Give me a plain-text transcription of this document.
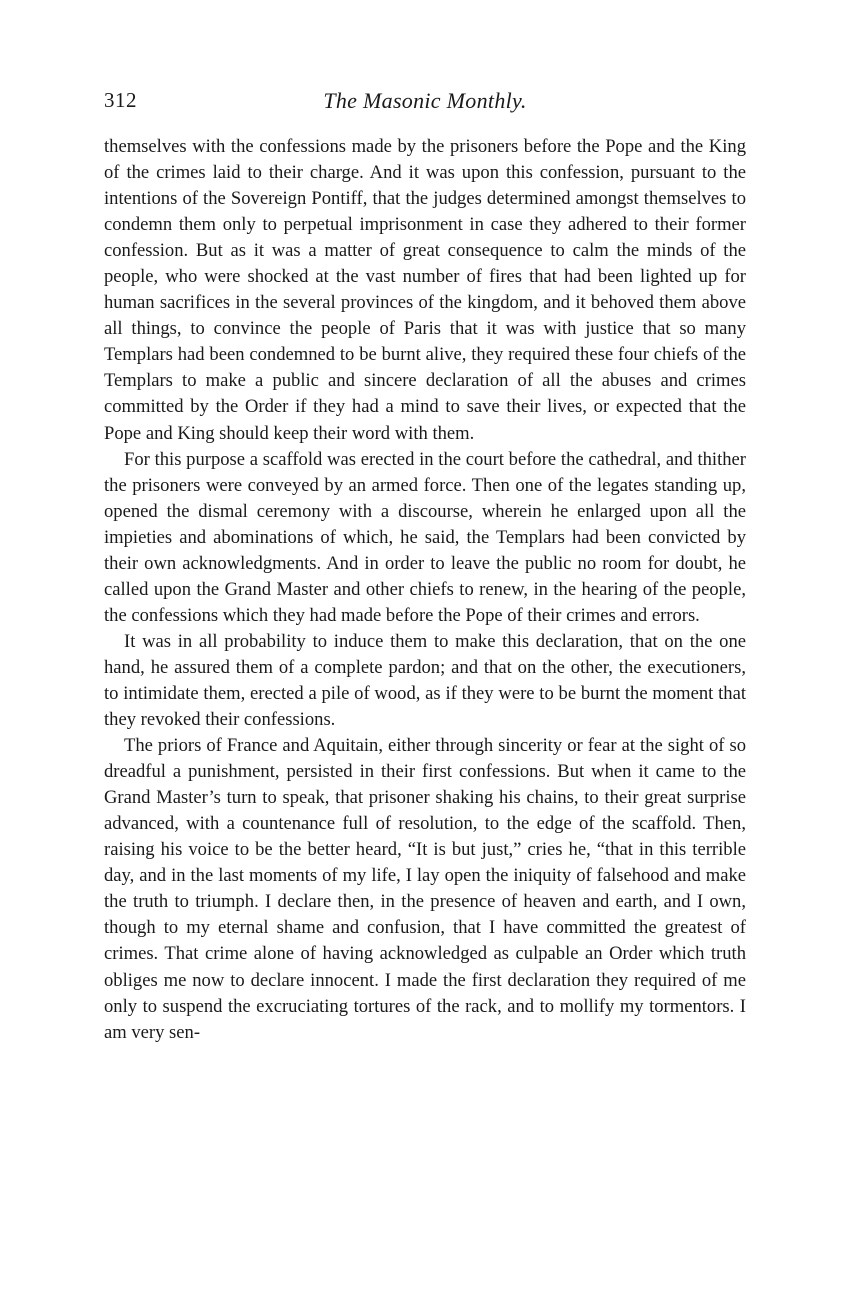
312	The Masonic Monthly.

themselves with the confessions made by the prisoners before the Pope and the King of the crimes laid to their charge. And it was upon this confession, pursuant to the intentions of the Sovereign Pontiff, that the judges determined amongst themselves to condemn them only to perpetual imprisonment in case they adhered to their former confession. But as it was a matter of great consequence to calm the minds of the people, who were shocked at the vast number of fires that had been lighted up for human sacrifices in the several provinces of the kingdom, and it behoved them above all things, to convince the people of Paris that it was with justice that so many Templars had been condemned to be burnt alive, they required these four chiefs of the Templars to make a public and sincere declaration of all the abuses and crimes committed by the Order if they had a mind to save their lives, or expected that the Pope and King should keep their word with them.

For this purpose a scaffold was erected in the court before the cathedral, and thither the prisoners were conveyed by an armed force. Then one of the legates standing up, opened the dismal ceremony with a discourse, wherein he enlarged upon all the impieties and abominations of which, he said, the Templars had been convicted by their own acknowledgments. And in order to leave the public no room for doubt, he called upon the Grand Master and other chiefs to renew, in the hearing of the people, the confessions which they had made before the Pope of their crimes and errors.

It was in all probability to induce them to make this declaration, that on the one hand, he assured them of a complete pardon; and that on the other, the executioners, to intimidate them, erected a pile of wood, as if they were to be burnt the moment that they revoked their confessions.

The priors of France and Aquitain, either through sincerity or fear at the sight of so dreadful a punishment, persisted in their first confessions. But when it came to the Grand Master’s turn to speak, that prisoner shaking his chains, to their great surprise advanced, with a countenance full of resolution, to the edge of the scaffold. Then, raising his voice to be the better heard, “It is but just,” cries he, “that in this terrible day, and in the last moments of my life, I lay open the iniquity of falsehood and make the truth to triumph. I declare then, in the presence of heaven and earth, and I own, though to my eternal shame and confusion, that I have committed the greatest of crimes. That crime alone of having acknowledged as culpable an Order which truth obliges me now to declare innocent. I made the first declaration they required of me only to suspend the excruciating tortures of the rack, and to mollify my tormentors. I am very sen-
